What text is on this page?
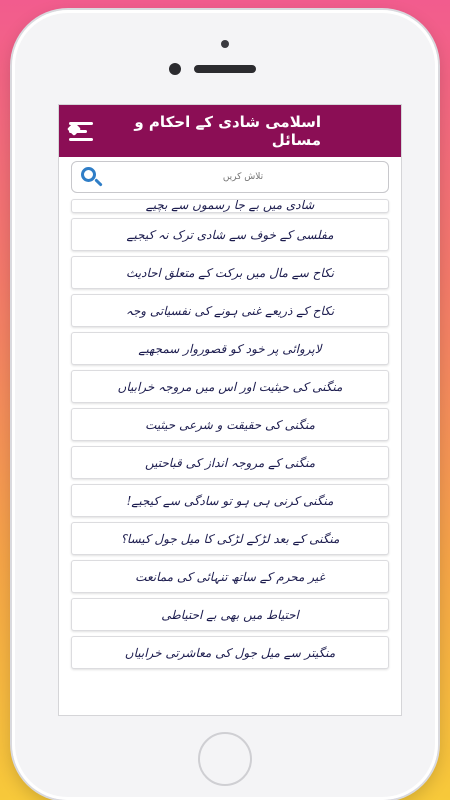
اسلامی شادی کے احکام و مسائل
تلاش کریں
شادی میں بے جا رسموں سے بچیے
مفلسی کے خوف سے شادی ترک نہ کیجیے
نکاح سے مال میں برکت کے متعلق احادیث
نکاح کے ذریعے غنی ہونے کی نفسیاتی وجہ
لاپروائی پر خود کو قصوروار سمجھیے
منگنی کی حیثیت اور اس میں مروجہ خرابیاں
منگنی کی حقیقت و شرعی حیثیت
منگنی کے مروجہ انداز کی قباحتیں
منگنی کرنی ہی ہو تو سادگی سے کیجیے!
منگنی کے بعد لڑکے لڑکی کا میل جول کیسا؟
غیر محرم کے ساتھ تنہائی کی ممانعت
احتیاط میں بھی بے احتیاطی
منگیتر سے میل جول کی معاشرتی خرابیاں
